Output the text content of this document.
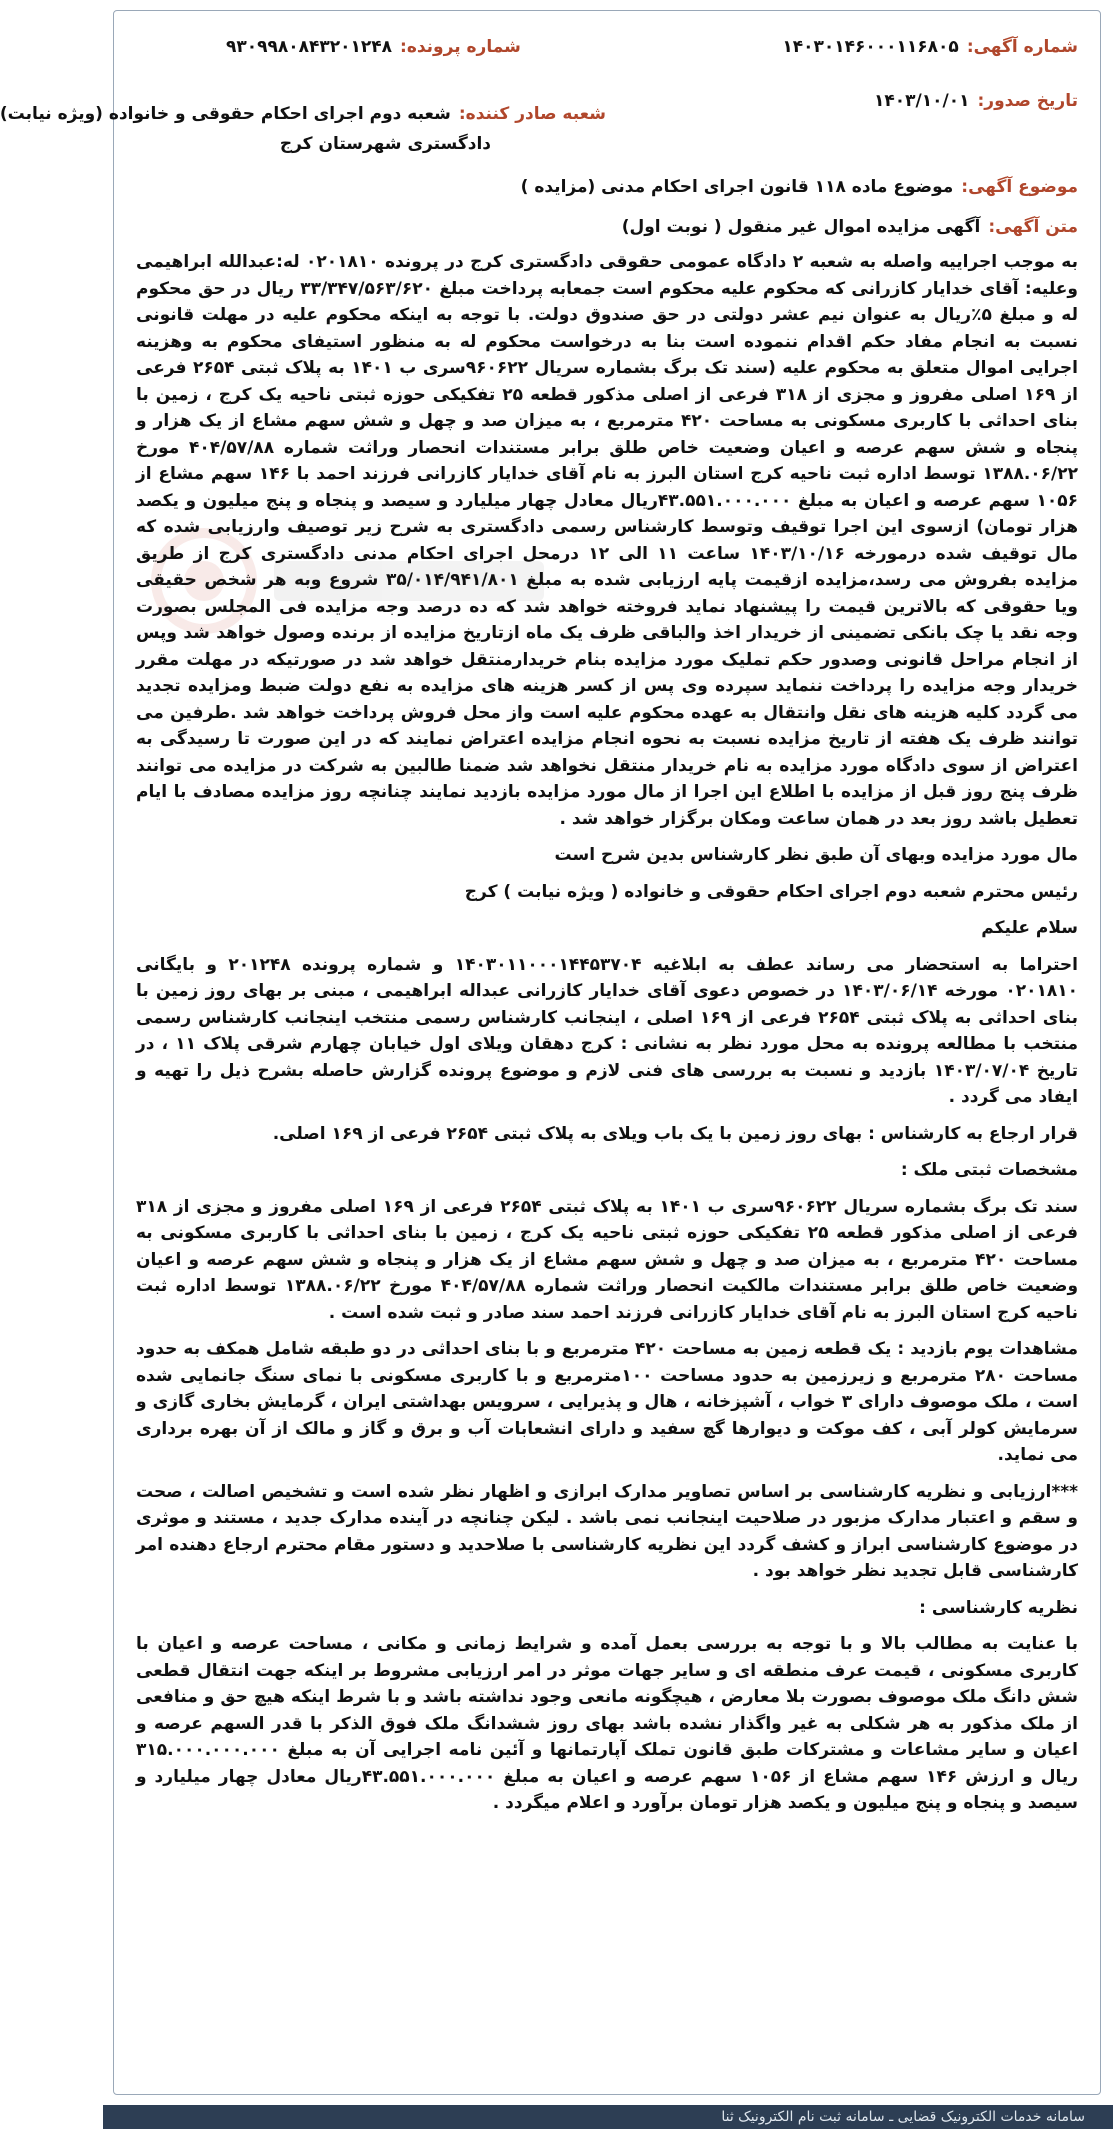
شماره آگهی:۱۴۰۳۰۱۴۶۰۰۰۱۱۶۸۰۵
شماره پرونده:۹۳۰۹۹۸۰۸۴۳۲۰۱۲۴۸
تاریخ صدور:۱۴۰۳/۱۰/۰۱
شعبه صادر کننده:شعبه دوم اجرای احکام حقوقی و خانواده (ویژه نیابت)
دادگستری شهرستان کرج
موضوع آگهی:موضوع ماده ۱۱۸ قانون اجرای احکام مدنی (مزایده )
متن آگهی:آگهی مزایده اموال غیر منقول ( نوبت اول)

به موجب اجراییه واصله به شعبه ۲ دادگاه عمومی حقوقی دادگستری کرج در پرونده ۰۲۰۱۸۱۰ له:عبدالله ابراهیمی وعلیه: آقای خدایار کازرانی که محکوم علیه محکوم است جمعابه پرداخت مبلغ ۳۳/۳۴۷/۵۶۳/۶۲۰ ریال در حق محکوم له و مبلغ ۵٪ریال به عنوان نیم عشر دولتی در حق صندوق دولت. با توجه به اینکه محکوم علیه در مهلت قانونی نسبت به انجام مفاد حکم اقدام ننموده است بنا به درخواست محکوم له به منظور استیفای محکوم به وهزینه اجرایی اموال متعلق به محکوم علیه (سند تک برگ بشماره سریال ۹۶۰۶۲۲سری ب ۱۴۰۱ به پلاک ثبتی ۲۶۵۴ فرعی از ۱۶۹ اصلی مفروز و مجزی از ۳۱۸ فرعی از اصلی مذکور قطعه ۲۵ تفکیکی حوزه ثبتی ناحیه یک کرج ، زمین با بنای احداثی با کاربری مسکونی به مساحت ۴۲۰ مترمربع ، به میزان صد و چهل و شش سهم مشاع از یک هزار و پنجاه و شش سهم عرصه و اعیان وضعیت خاص طلق برابر مستندات انحصار وراثت شماره ۴۰۴/۵۷/۸۸ مورخ ۱۳۸۸.۰۶/۲۲ توسط اداره ثبت ناحیه کرج استان البرز به نام آقای خدایار کازرانی فرزند احمد با ۱۴۶ سهم مشاع از ۱۰۵۶ سهم عرصه و اعیان به مبلغ ۴۳.۵۵۱.۰۰۰.۰۰۰ریال معادل چهار میلیارد و سیصد و پنجاه و پنج میلیون و یکصد هزار تومان) ازسوی این اجرا توقیف وتوسط کارشناس رسمی دادگستری به شرح زیر توصیف وارزیابی شده که مال توقیف شده درمورخه ۱۴۰۳/۱۰/۱۶ ساعت ۱۱ الی ۱۲ درمحل اجرای احکام مدنی دادگستری کرج از طریق مزایده بفروش می رسد،مزایده ازقیمت پایه ارزیابی شده به مبلغ ۳۵/۰۱۴/۹۴۱/۸۰۱ شروع وبه هر شخص حقیقی ویا حقوقی که بالاترین قیمت را پیشنهاد نماید فروخته خواهد شد که ده درصد وجه مزایده فی المجلس بصورت وجه نقد یا چک بانکی تضمینی از خریدار اخذ والباقی ظرف یک ماه ازتاریخ مزایده از برنده وصول خواهد شد وپس از انجام مراحل قانونی وصدور حکم تملیک مورد مزایده بنام خریدارمنتقل خواهد شد در صورتیکه در مهلت مقرر خریدار وجه مزایده را پرداخت ننماید سپرده وی پس از کسر هزینه های مزایده به نفع دولت ضبط ومزایده تجدید می گردد کلیه هزینه های نقل وانتقال به عهده محکوم علیه است واز محل فروش پرداخت خواهد شد .طرفین می توانند ظرف یک هفته از تاریخ مزایده نسبت به نحوه انجام مزایده اعتراض نمایند که در این صورت تا رسیدگی به اعتراض از سوی دادگاه مورد مزایده به نام خریدار منتقل نخواهد شد ضمنا طالبین به شرکت در مزایده می توانند ظرف پنج روز قبل از مزایده با اطلاع این اجرا از مال مورد مزایده بازدید نمایند چنانچه روز مزایده مصادف با ایام تعطیل باشد روز بعد در همان ساعت ومکان برگزار خواهد شد .

مال مورد مزایده وبهای آن طبق نظر کارشناس بدین شرح است

رئیس محترم شعبه دوم اجرای احکام حقوقی و خانواده ( ویژه نیابت ) کرج

سلام علیکم

احتراما به استحضار می رساند عطف به ابلاغیه ۱۴۰۳۰۱۱۰۰۰۱۴۴۵۳۷۰۴ و شماره پرونده ۲۰۱۲۴۸ و بایگانی ۰۲۰۱۸۱۰ مورخه ۱۴۰۳/۰۶/۱۴ در خصوص دعوی آقای خدایار کازرانی عبداله ابراهیمی ، مبنی بر بهای روز زمین با بنای احداثی به پلاک ثبتی ۲۶۵۴ فرعی از ۱۶۹ اصلی ، اینجانب کارشناس رسمی منتخب اینجانب کارشناس رسمی منتخب با مطالعه پرونده به محل مورد نظر به نشانی : کرج دهقان ویلای اول خیابان چهارم شرقی پلاک ۱۱ ، در تاریخ ۱۴۰۳/۰۷/۰۴ بازدید و نسبت به بررسی های فنی لازم و موضوع پرونده گزارش حاصله بشرح ذیل را تهیه و ایفاد می گردد .

قرار ارجاع به کارشناس : بهای روز زمین با یک باب ویلای به پلاک ثبتی ۲۶۵۴ فرعی از ۱۶۹ اصلی.

مشخصات ثبتی ملک :

سند تک برگ بشماره سریال ۹۶۰۶۲۲سری ب ۱۴۰۱ به پلاک ثبتی ۲۶۵۴ فرعی از ۱۶۹ اصلی مفروز و مجزی از ۳۱۸ فرعی از اصلی مذکور قطعه ۲۵ تفکیکی حوزه ثبتی ناحیه یک کرج ، زمین با بنای احداثی با کاربری مسکونی به مساحت ۴۲۰ مترمربع ، به میزان صد و چهل و شش سهم مشاع از یک هزار و پنجاه و شش سهم عرصه و اعیان وضعیت خاص طلق برابر مستندات مالکیت انحصار وراثت شماره ۴۰۴/۵۷/۸۸ مورخ ۱۳۸۸.۰۶/۲۲ توسط اداره ثبت ناحیه کرج استان البرز به نام آقای خدایار کازرانی فرزند احمد سند صادر و ثبت شده است .

مشاهدات یوم بازدید : یک قطعه زمین به مساحت ۴۲۰ مترمربع و با بنای احداثی در دو طبقه شامل همکف به حدود مساحت ۲۸۰ مترمربع و زیرزمین به حدود مساحت ۱۰۰مترمربع و با کاربری مسکونی با نمای سنگ جانمایی شده است ، ملک موصوف دارای ۳ خواب ، آشپزخانه ، هال و پذیرایی ، سرویس بهداشتی ایران ، گرمایش بخاری گازی و سرمایش کولر آبی ، کف موکت و دیوارها گچ سفید و دارای انشعابات آب و برق و گاز و مالک از آن بهره برداری می نماید.

***ارزیابی و نظریه کارشناسی بر اساس تصاویر مدارک ابرازی و اظهار نظر شده است و تشخیص اصالت ، صحت و سقم و اعتبار مدارک مزبور در صلاحیت اینجانب نمی باشد . لیکن چنانچه در آینده مدارک جدید ، مستند و موثری در موضوع کارشناسی ابراز و کشف گردد این نظریه کارشناسی با صلاحدید و دستور مقام محترم ارجاع دهنده امر کارشناسی قابل تجدید نظر خواهد بود .

نظریه کارشناسی :

با عنایت به مطالب بالا و با توجه به بررسی بعمل آمده و شرایط زمانی و مکانی ، مساحت عرصه و اعیان با کاربری مسکونی ، قیمت عرف منطقه ای و سایر جهات موثر در امر ارزیابی مشروط بر اینکه جهت انتقال قطعی شش دانگ ملک موصوف بصورت بلا معارض ، هیچگونه مانعی وجود نداشته باشد و با شرط اینکه هیچ حق و منافعی از ملک مذکور به هر شکلی به غیر واگذار نشده باشد بهای روز ششدانگ ملک فوق الذکر با قدر السهم عرصه و اعیان و سایر مشاعات و مشترکات طبق قانون تملک آپارتمانها و آئین نامه اجرایی آن به مبلغ ۳۱۵.۰۰۰.۰۰۰.۰۰۰ ریال و ارزش ۱۴۶ سهم مشاع از ۱۰۵۶ سهم عرصه و اعیان به مبلغ ۴۳.۵۵۱.۰۰۰.۰۰۰ریال معادل چهار میلیارد و سیصد و پنجاه و پنج میلیون و یکصد هزار تومان برآورد و اعلام میگردد .

سامانه خدمات الکترونیک قضایی ـ سامانه ثبت نام الکترونیک ثنا
